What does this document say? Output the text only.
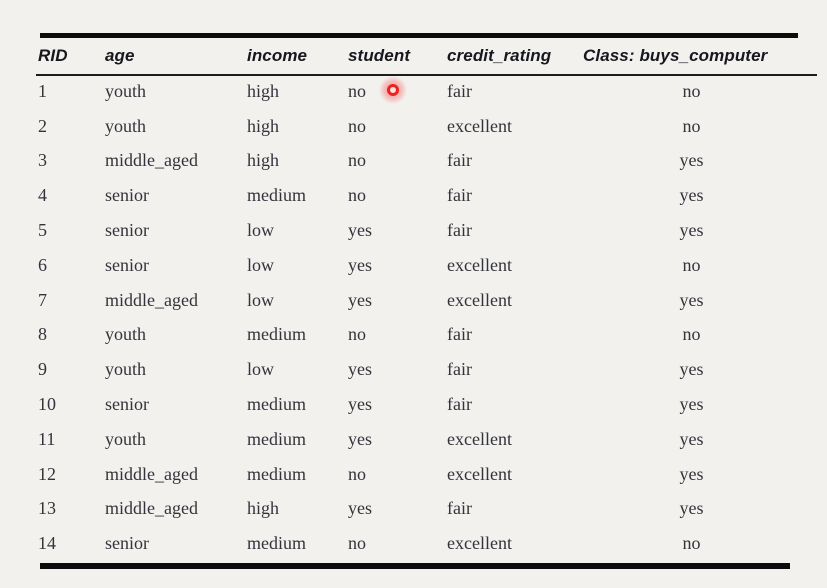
RID	age	income	student	credit_rating	Class: buys_computer
1	youth	high	no	fair	no
2	youth	high	no	excellent	no
3	middle_aged	high	no	fair	yes
4	senior	medium	no	fair	yes
5	senior	low	yes	fair	yes
6	senior	low	yes	excellent	no
7	middle_aged	low	yes	excellent	yes
8	youth	medium	no	fair	no
9	youth	low	yes	fair	yes
10	senior	medium	yes	fair	yes
11	youth	medium	yes	excellent	yes
12	middle_aged	medium	no	excellent	yes
13	middle_aged	high	yes	fair	yes
14	senior	medium	no	excellent	no
